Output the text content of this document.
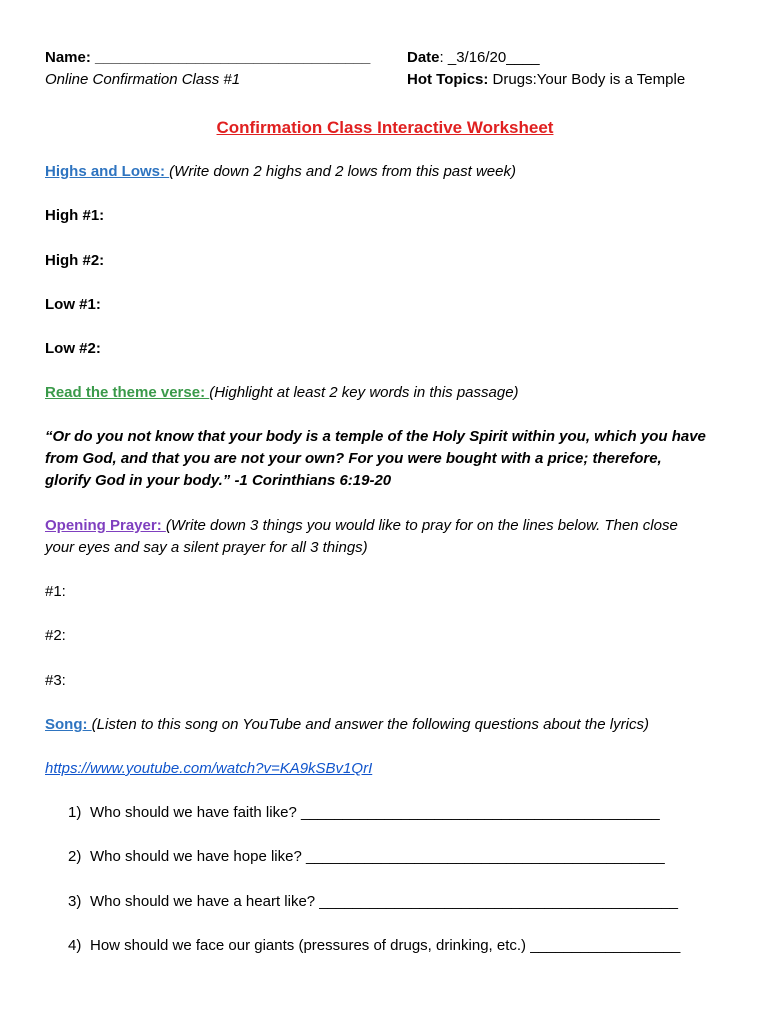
Name: _________________________________ Date: _3/16/20____
Online Confirmation Class #1	Hot Topics: Drugs:Your Body is a Temple
Confirmation Class Interactive Worksheet
Highs and Lows: (Write down 2 highs and 2 lows from this past week)
High #1:
High #2:
Low #1:
Low #2:
Read the theme verse: (Highlight at least 2 key words in this passage)
“Or do you not know that your body is a temple of the Holy Spirit within you, which you have
from God, and that you are not your own? For you were bought with a price; therefore,
glorify God in your body.” -1 Corinthians 6:19-20
Opening Prayer: (Write down 3 things you would like to pray for on the lines below. Then close
your eyes and say a silent prayer for all 3 things)
#1:
#2:
#3:
Song: (Listen to this song on YouTube and answer the following questions about the lyrics)
https://www.youtube.com/watch?v=KA9kSBv1QrI
1) Who should we have faith like? ___________________________________________
2) Who should we have hope like? ___________________________________________
3) Who should we have a heart like? ___________________________________________
4) How should we face our giants (pressures of drugs, drinking, etc.) __________________
